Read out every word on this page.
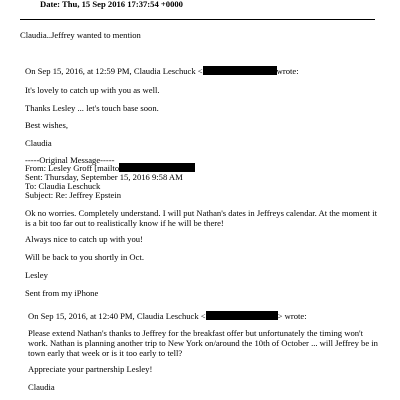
Date: Thu, 15 Sep 2016 17:37:54 +0000
Claudia..Jeffrey wanted to mention
On Sep 15, 2016, at 12:59 PM, Claudia Leschuck <	wrote:
It's lovely to catch up with you as well.
Thanks Lesley ... let's touch base soon.
Best wishes,
Claudia
-----Original Message-----
From: Lesley Groff [mailto
Sent: Thursday, September 15, 2016 9:58 AM
To: Claudia Leschuck
Subject: Re: Jeffrey Epstein
Ok no worries. Completely understand. I will put Nathan's dates in Jeffreys calendar. At the moment it is a bit too far out to realistically know if he will be there!
Always nice to catch up with you!
Will be back to you shortly in Oct.
Lesley
Sent from my iPhone
On Sep 15, 2016, at 12:40 PM, Claudia Leschuck <	> wrote:
Please extend Nathan's thanks to Jeffrey for the breakfast offer but unfortunately the timing won't work. Nathan is planning another trip to New York on/around the 10th of October ... will Jeffrey be in town early that week or is it too early to tell?
Appreciate your partnership Lesley!
Claudia
